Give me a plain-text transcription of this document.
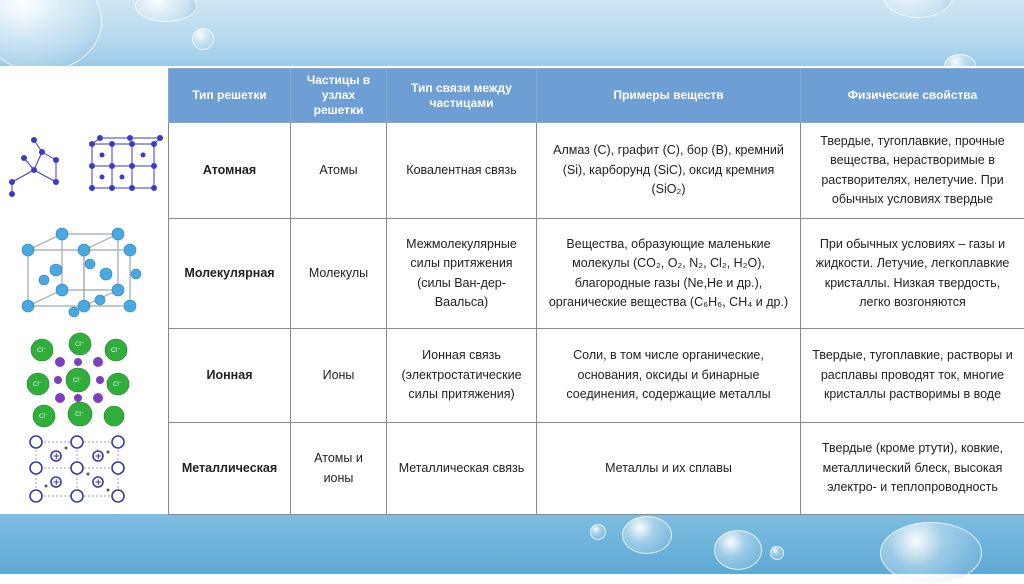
Cl⁻
Cl⁻
Cl⁻
Cl⁻
Cl⁻
Cl⁻
Cl⁻	Cl⁻
+	+
+	+
Тип решетки	Частицы в узлах решетки	Тип связи между частицами	Примеры веществ	Физические свойства
Атомная	Атомы	Ковалентная связь	Алмаз (С), графит (С), бор (В), кремний (Si), карборунд (SiC), оксид кремния (SiO₂)	Твердые, тугоплавкие, прочные вещества, нерастворимые в растворителях, нелетучие. При обычных условиях твердые
Молекулярная	Молекулы	Межмолекулярные силы притяжения (силы Ван-дер-Ваальса)	Вещества, образующие маленькие молекулы (CO₂, O₂, N₂, Cl₂, H₂O), благородные газы (Ne,He и др.), органические вещества (C₆H₆, CH₄ и др.)	При обычных условиях – газы и жидкости. Летучие, легкоплавкие кристаллы. Низкая твердость, легко возгоняются
Ионная	Ионы	Ионная связь (электростатические силы притяжения)	Соли, в том числе органические, основания, оксиды и бинарные соединения, содержащие металлы	Твердые, тугоплавкие, растворы и расплавы проводят ток, многие кристаллы растворимы в воде
Металлическая	Атомы и ионы	Металлическая связь	Металлы и их сплавы	Твердые (кроме ртути), ковкие, металлический блеск, высокая электро- и теплопроводность
